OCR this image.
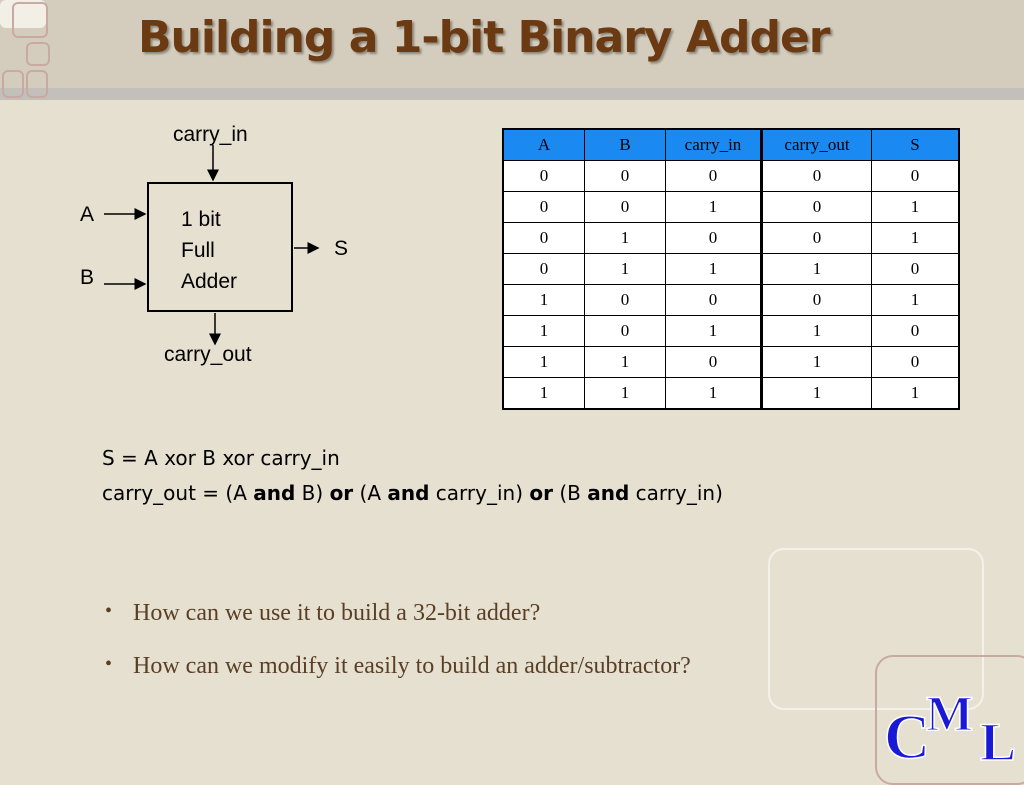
Building a 1-bit Binary Adder
1 bit
Full
Adder
carry_in
A
B
S
carry_out
A	B	carry_in	carry_out	S
0	0	0	0	0
0	0	1	0	1
0	1	0	0	1
0	1	1	1	0
1	0	0	0	1
1	0	1	1	0
1	1	0	1	0
1	1	1	1	1
S = A xor B xor carry_in
carry_out = (A and B) or (A and carry_in) or (B and carry_in)
• How can we use it to build a 32-bit adder?
• How can we modify it easily to build an adder/subtractor?
C
M L
